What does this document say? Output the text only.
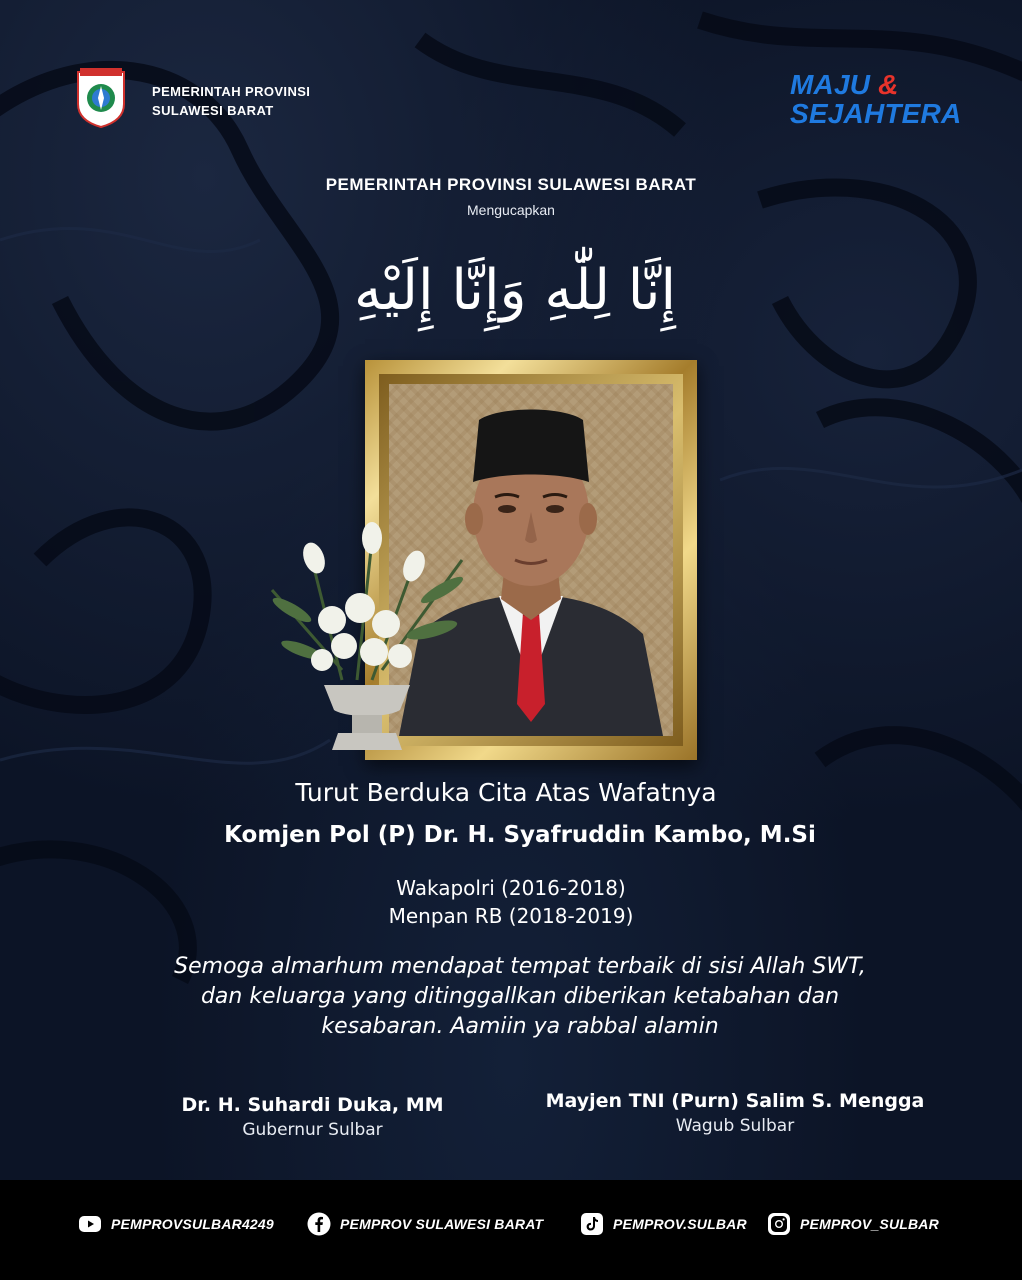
PEMERINTAH PROVINSI
SULAWESI BARAT
MAJU &
SEJAHTERA
PEMERINTAH PROVINSI SULAWESI BARAT
Mengucapkan
إِنَّا لِلّٰهِ وَإِنَّا إِلَيْهِ
Turut Berduka Cita Atas Wafatnya
Komjen Pol (P) Dr. H. Syafruddin Kambo, M.Si
Wakapolri (2016-2018)
Menpan RB (2018-2019)
Semoga almarhum mendapat tempat terbaik di sisi Allah SWT, dan keluarga yang ditinggallkan diberikan ketabahan dan kesabaran. Aamiin ya rabbal alamin
Dr. H. Suhardi Duka, MM
Gubernur Sulbar
Mayjen TNI (Purn) Salim S. Mengga
Wagub Sulbar
PEMPROVSULBAR4249	PEMPROV SULAWESI BARAT	PEMPROV.SULBAR	PEMPROV_SULBAR
